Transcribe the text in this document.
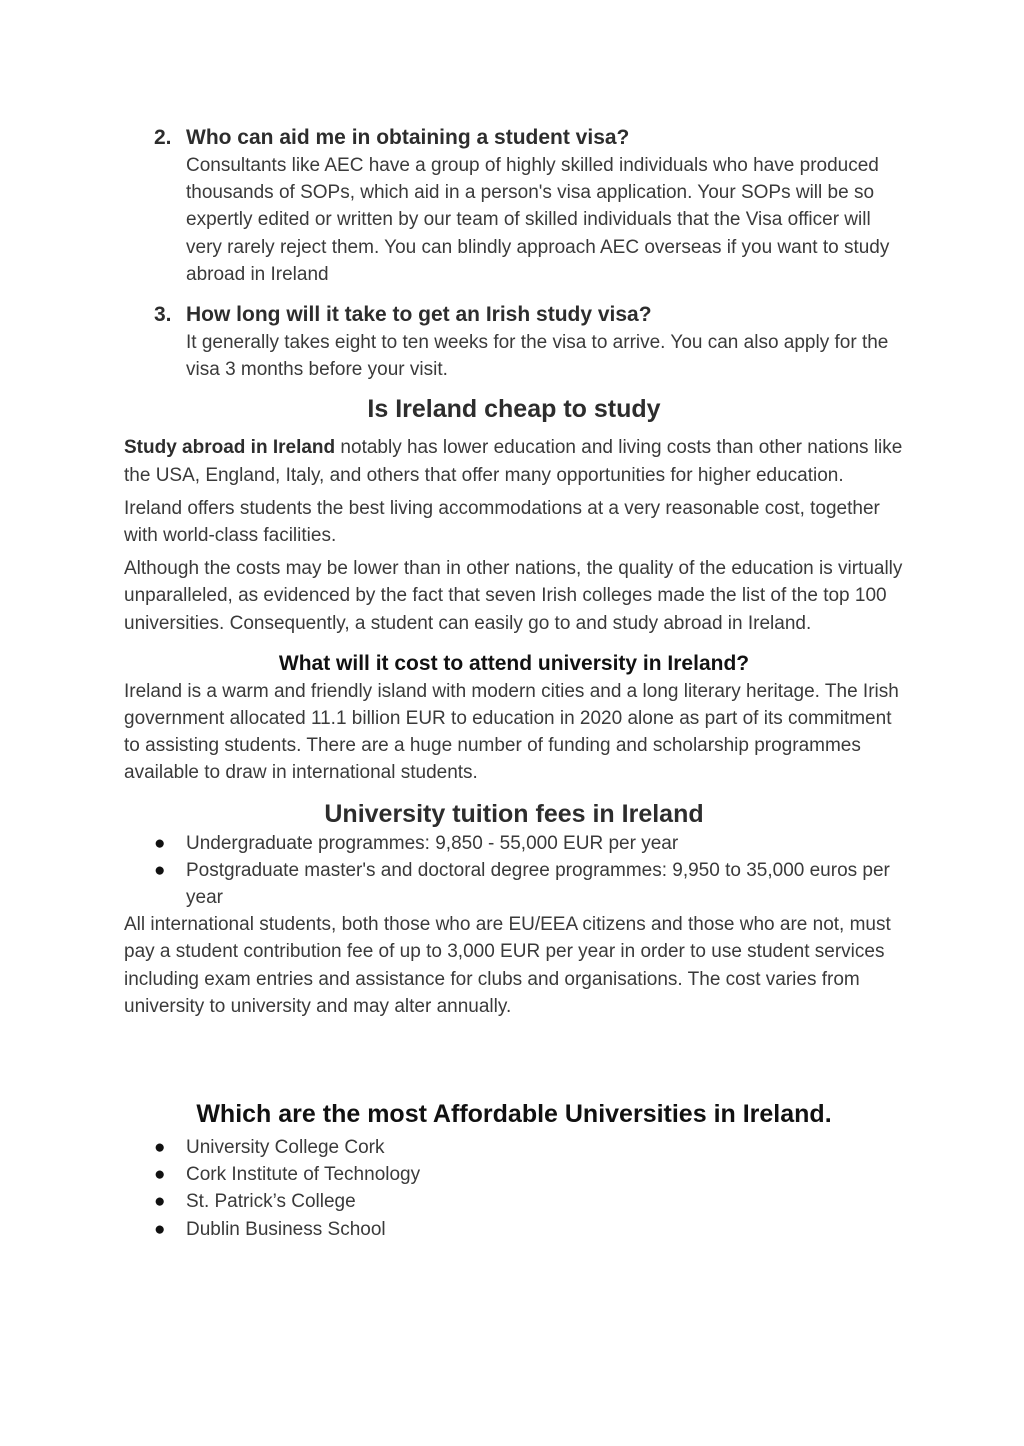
2. Who can aid me in obtaining a student visa?

Consultants like AEC have a group of highly skilled individuals who have produced thousands of SOPs, which aid in a person's visa application. Your SOPs will be so expertly edited or written by our team of skilled individuals that the Visa officer will very rarely reject them. You can blindly approach AEC overseas if you want to study abroad in Ireland

3. How long will it take to get an Irish study visa?

It generally takes eight to ten weeks for the visa to arrive. You can also apply for the visa 3 months before your visit.

Is Ireland cheap to study

Study abroad in Ireland notably has lower education and living costs than other nations like the USA, England, Italy, and others that offer many opportunities for higher education.

Ireland offers students the best living accommodations at a very reasonable cost, together with world-class facilities.

Although the costs may be lower than in other nations, the quality of the education is virtually unparalleled, as evidenced by the fact that seven Irish colleges made the list of the top 100 universities. Consequently, a student can easily go to and study abroad in Ireland.

What will it cost to attend university in Ireland?

Ireland is a warm and friendly island with modern cities and a long literary heritage. The Irish government allocated 11.1 billion EUR to education in 2020 alone as part of its commitment to assisting students. There are a huge number of funding and scholarship programmes available to draw in international students.

University tuition fees in Ireland
● Undergraduate programmes: 9,850 - 55,000 EUR per year
● Postgraduate master's and doctoral degree programmes: 9,950 to 35,000 euros per year

All international students, both those who are EU/EEA citizens and those who are not, must pay a student contribution fee of up to 3,000 EUR per year in order to use student services including exam entries and assistance for clubs and organisations. The cost varies from university to university and may alter annually.

Which are the most Affordable Universities in Ireland.
● University College Cork
● Cork Institute of Technology
● St. Patrick’s College
● Dublin Business School
